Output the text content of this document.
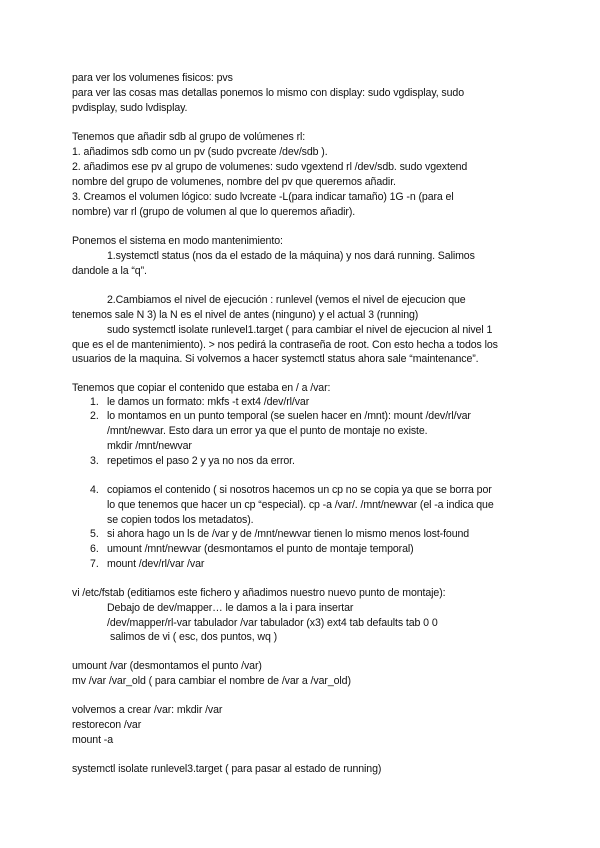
para ver los volumenes fisicos: pvs
para ver las cosas mas detallas ponemos lo mismo con display: sudo vgdisplay, sudo
pvdisplay, sudo lvdisplay.
Tenemos que añadir sdb al grupo de volúmenes rl:
1. añadimos sdb como un pv (sudo pvcreate /dev/sdb ).
2. añadimos ese pv al grupo de volumenes: sudo vgextend rl /dev/sdb. sudo vgextend
nombre del grupo de volumenes, nombre del pv que queremos añadir.
3. Creamos el volumen lógico: sudo lvcreate -L(para indicar tamaño) 1G -n (para el
nombre) var rl (grupo de volumen al que lo queremos añadir).
Ponemos el sistema en modo mantenimiento:
1.systemctl status (nos da el estado de la máquina) y nos dará running. Salimos
dandole a la “q”.
2.Cambiamos el nivel de ejecución : runlevel (vemos el nivel de ejecucion que
tenemos sale N 3) la N es el nivel de antes (ninguno) y el actual 3 (running)
sudo systemctl isolate runlevel1.target ( para cambiar el nivel de ejecucion al nivel 1
que es el de mantenimiento). > nos pedirá la contraseña de root. Con esto hecha a todos los
usuarios de la maquina. Si volvemos a hacer systemctl status ahora sale “maintenance”.
Tenemos que copiar el contenido que estaba en / a /var:
1. le damos un formato: mkfs -t ext4 /dev/rl/var
2. lo montamos en un punto temporal (se suelen hacer en /mnt): mount /dev/rl/var
/mnt/newvar. Esto dara un error ya que el punto de montaje no existe.
mkdir /mnt/newvar
3. repetimos el paso 2 y ya no nos da error.
4. copiamos el contenido ( si nosotros hacemos un cp no se copia ya que se borra por
lo que tenemos que hacer un cp “especial). cp -a /var/. /mnt/newvar (el -a indica que
se copien todos los metadatos).
5. si ahora hago un ls de /var y de /mnt/newvar tienen lo mismo menos lost-found
6. umount /mnt/newvar (desmontamos el punto de montaje temporal)
7. mount /dev/rl/var /var
vi /etc/fstab (editiamos este fichero y añadimos nuestro nuevo punto de montaje):
Debajo de dev/mapper… le damos a la i para insertar
/dev/mapper/rl-var tabulador /var tabulador (x3) ext4 tab defaults tab 0 0
salimos de vi ( esc, dos puntos, wq )
umount /var (desmontamos el punto /var)
mv /var /var_old ( para cambiar el nombre de /var a /var_old)
volvemos a crear /var: mkdir /var
restorecon /var
mount -a
systemctl isolate runlevel3.target ( para pasar al estado de running)
